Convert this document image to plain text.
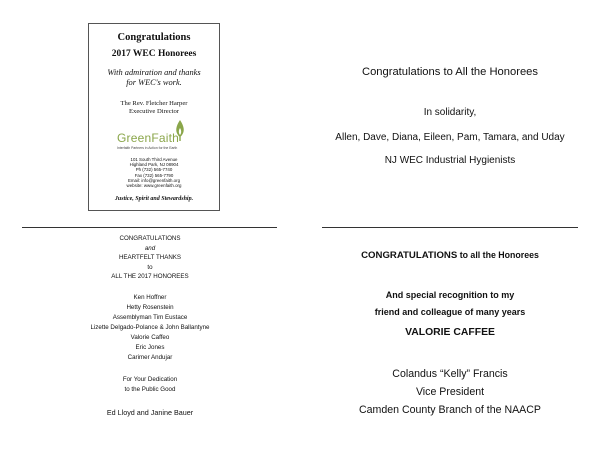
Congratulations
2017 WEC Honorees
With admiration and thanks
for WEC's work.
The Rev. Fletcher Harper
Executive Director
GreenFaith
Interfaith Partners in Action for the Earth
101 South Third Avenue
Highland Park, NJ 08904
Ph (732) 565-7740
Fax (732) 565-7790
Email: info@greenfaith.org
website: www.greenfaith.org
Justice, Spirit and Stewardship.
Congratulations to All the Honorees
In solidarity,
Allen, Dave, Diana, Eileen, Pam, Tamara, and Uday
NJ WEC Industrial Hygienists
CONGRATULATIONS
and
HEARTFELT THANKS
to
ALL THE 2017 HONOREES
Ken Hoffner
Hetty Rosenstein
Assemblyman Tim Eustace
Lizette Delgado-Polance & John Ballantyne
Valorie Caffeo
Eric Jones
Carimer Andujar
For Your Dedication
to the Public Good
Ed Lloyd and Janine Bauer
CONGRATULATIONS to all the Honorees
And special recognition to my
friend and colleague of many years
VALORIE CAFFEE
Colandus “Kelly” Francis
Vice President
Camden County Branch of the NAACP
